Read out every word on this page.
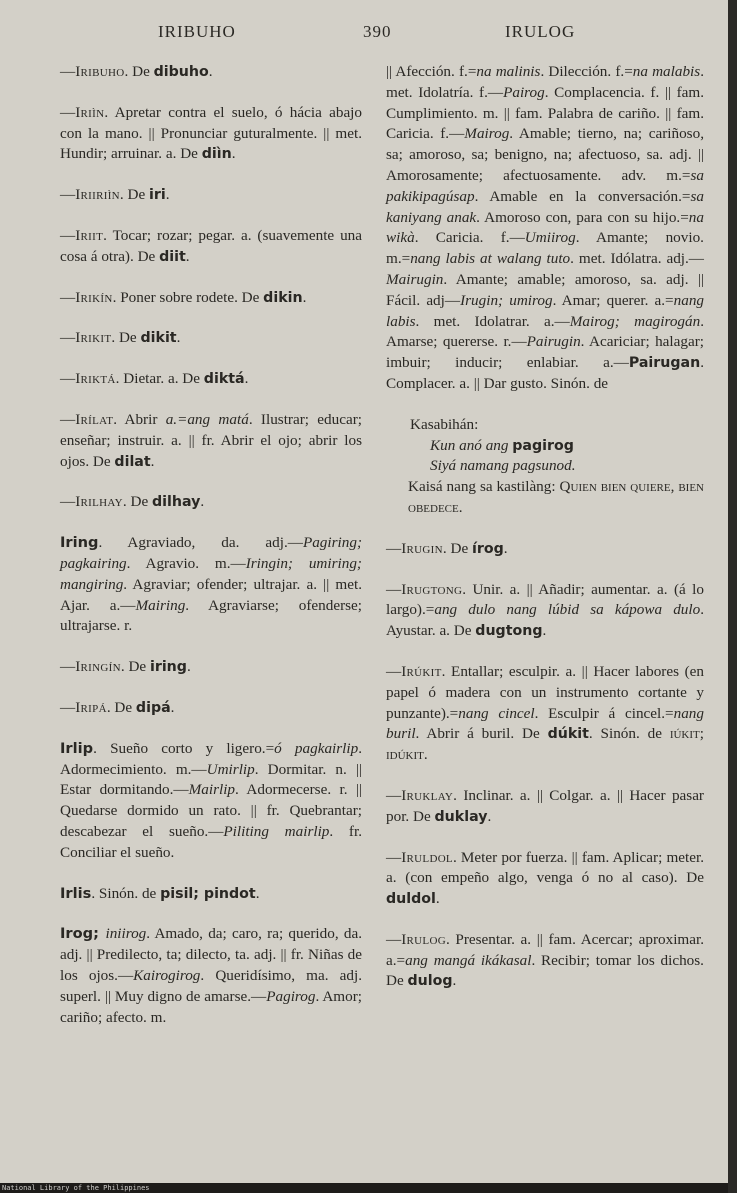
IRIBUHO	390	IRULOG

—Iribuho. De dibuho.

—Iriìn. Apretar contra el suelo, ó hácia abajo con la mano. || Pronunciar guturalmente. || met. Hundir; arruinar. a. De diìn.

—Iriiriìn. De iri.

—Iriit. Tocar; rozar; pegar. a. (suavemente una cosa á otra). De diit.

—Irikín. Poner sobre rodete. De dikin.

—Irikit. De dikit.

—Iriktá. Dietar. a. De diktá.

—Irílat. Abrir a.=ang matá. Ilustrar; educar; enseñar; instruir. a. || fr. Abrir el ojo; abrir los ojos. De dilat.

—Irilhay. De dilhay.

Iring. Agraviado, da. adj.—Pagiring; pagkairing. Agravio. m.—Iringin; umiring; mangiring. Agraviar; ofender; ultrajar. a. || met. Ajar. a.—Mairing. Agraviarse; ofenderse; ultrajarse. r.

—Iringín. De iring.

—Iripá. De dipá.

Irlip. Sueño corto y ligero.=ó pagkairlip. Adormecimiento. m.—Umirlip. Dormitar. n. || Estar dormitando.—Mairlip. Adormecerse. r. || Quedarse dormido un rato. || fr. Quebrantar; descabezar el sueño.—Piliting mairlip. fr. Conciliar el sueño.

Irlis. Sinón. de pisil; pindot.

Irog; iniirog. Amado, da; caro, ra; querido, da. adj. || Predilecto, ta; dilecto, ta. adj. || fr. Niñas de los ojos.—Kairogirog. Queridísimo, ma. adj. superl. || Muy digno de amarse.—Pagirog. Amor; cariño; afecto. m.

|| Afección. f.=na malinis. Dilección. f.=na malabis. met. Idolatría. f.—Pairog. Complacencia. f. || fam. Cumplimiento. m. || fam. Palabra de cariño. || fam. Caricia. f.—Mairog. Amable; tierno, na; cariñoso, sa; amoroso, sa; benigno, na; afectuoso, sa. adj. || Amorosamente; afectuosamente. adv. m.=sa pakikipagúsap. Amable en la conversación.=sa kaniyang anak. Amoroso con, para con su hijo.=na wikà. Caricia. f.—Umiirog. Amante; novio. m.=nang labis at walang tuto. met. Idólatra. adj.—Mairugin. Amante; amable; amoroso, sa. adj. || Fácil. adj—Irugin; umirog. Amar; querer. a.=nang labis. met. Idolatrar. a.—Mairog; magirogán. Amarse; quererse. r.—Pairugin. Acariciar; halagar; imbuir; inducir; enlabiar. a.—Pairugan. Complacer. a. || Dar gusto. Sinón. de

Kasabihán:
Kun anó ang pagirog
Siyá namang pagsunod.
Kaisá nang sa kastilàng: Quien bien quiere, bien obedece.

—Irugin. De írog.

—Irugtong. Unir. a. || Añadir; aumentar. a. (á lo largo).=ang dulo nang lúbid sa kápowa dulo. Ayustar. a. De dugtong.

—Irúkit. Entallar; esculpir. a. || Hacer labores (en papel ó madera con un instrumento cortante y punzante).=nang cincel. Esculpir á cincel.=nang buril. Abrir á buril. De dúkit. Sinón. de iúkit; idúkit.

—Iruklay. Inclinar. a. || Colgar. a. || Hacer pasar por. De duklay.

—Iruldol. Meter por fuerza. || fam. Aplicar; meter. a. (con empeño algo, venga ó no al caso). De duldol.

—Irulog. Presentar. a. || fam. Acercar; aproximar. a.=ang mangá ikákasal. Recibir; tomar los dichos. De dulog.

National Library of the Philippines
